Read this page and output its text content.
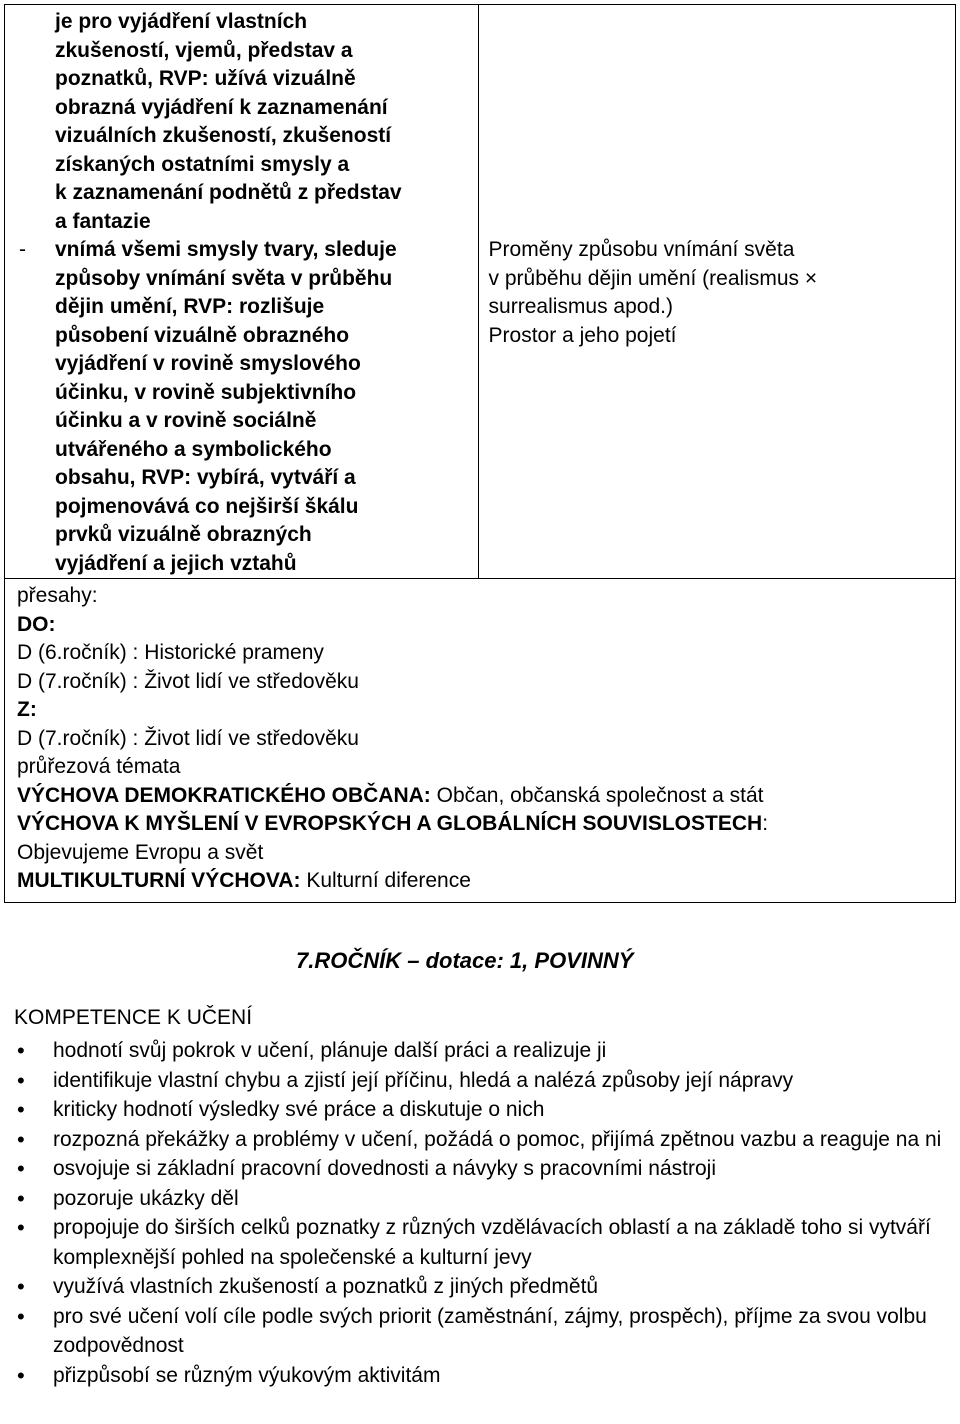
je pro vyjádření vlastních
zkušeností, vjemů, představ a
poznatků, RVP: užívá vizuálně
obrazná vyjádření k zaznamenání
vizuálních zkušeností, zkušeností
získaných ostatními smysly a
k zaznamenání podnětů z představ
a fantazie
- vnímá všemi smysly tvary, sleduje
způsoby vnímání světa v průběhu
dějin umění, RVP: rozlišuje
působení vizuálně obrazného
vyjádření v rovině smyslového
účinku, v rovině subjektivního
účinku a v rovině sociálně
utvářeného a symbolického
obsahu, RVP: vybírá, vytváří a
pojmenovává co nejširší škálu
prvků vizuálně obrazných
vyjádření a jejich vztahů

Proměny způsobu vnímání světa
v průběhu dějin umění (realismus ×
surrealismus apod.)
Prostor a jeho pojetí

přesahy:
DO:
D (6.ročník) : Historické prameny
D (7.ročník) : Život lidí ve středověku
Z:
D (7.ročník) : Život lidí ve středověku
průřezová témata
VÝCHOVA DEMOKRATICKÉHO OBČANA: Občan, občanská společnost a stát
VÝCHOVA K MYŠLENÍ V EVROPSKÝCH A GLOBÁLNÍCH SOUVISLOSTECH:
Objevujeme Evropu a svět
MULTIKULTURNÍ VÝCHOVA: Kulturní diference
7.ROČNÍK – dotace: 1, POVINNÝ
KOMPETENCE K UČENÍ
• hodnotí svůj pokrok v učení, plánuje další práci a realizuje ji
• identifikuje vlastní chybu a zjistí její příčinu, hledá a nalézá způsoby její nápravy
• kriticky hodnotí výsledky své práce a diskutuje o nich
• rozpozná překážky a problémy v učení, požádá o pomoc, přijímá zpětnou vazbu a reaguje na ni
• osvojuje si základní pracovní dovednosti a návyky s pracovními nástroji
• pozoruje ukázky děl
• propojuje do širších celků poznatky z různých vzdělávacích oblastí a na základě toho si vytváří komplexnější pohled na společenské a kulturní jevy
• využívá vlastních zkušeností a poznatků z jiných předmětů
• pro své učení volí cíle podle svých priorit (zaměstnání, zájmy, prospěch), příjme za svou volbu zodpovědnost
• přizpůsobí se různým výukovým aktivitám
